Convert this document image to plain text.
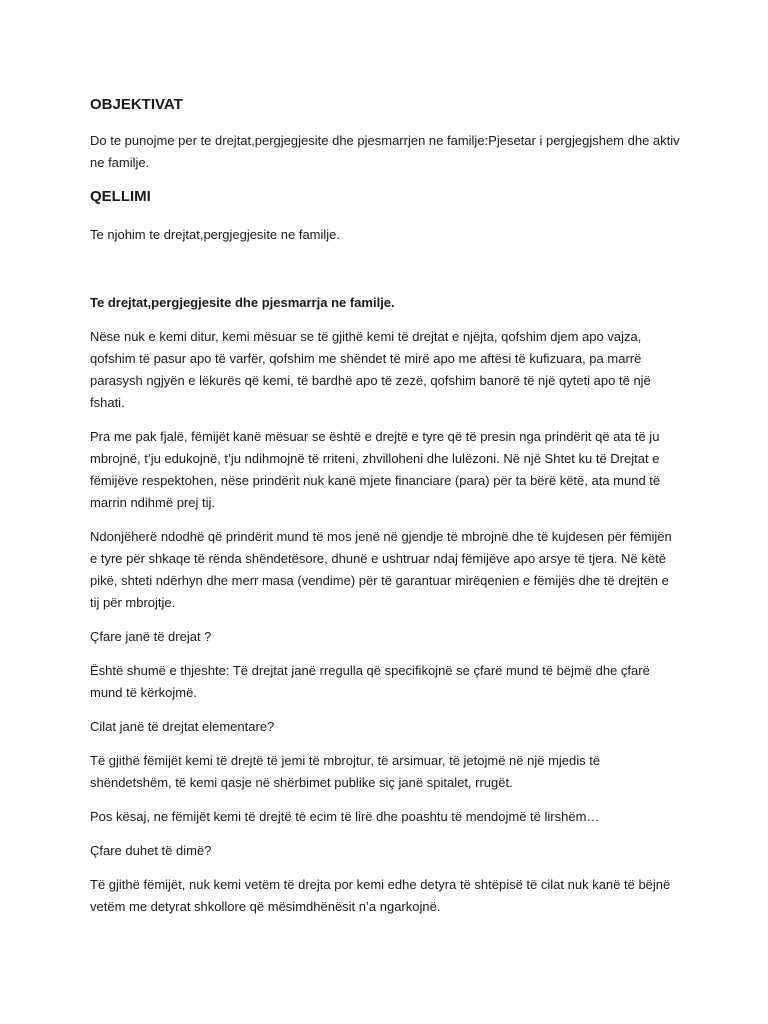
OBJEKTIVAT

Do te punojme per te drejtat,pergjegjesite dhe pjesmarrjen ne familje:Pjesetar i pergjegjshem dhe aktiv ne familje.

QELLIMI

Te njohim te drejtat,pergjegjesite ne familje.

Te drejtat,pergjegjesite dhe pjesmarrja ne familje.

Nëse nuk e kemi ditur, kemi mësuar se të gjithë kemi të drejtat e njëjta, qofshim djem apo vajza, qofshim të pasur apo të varfër, qofshim me shëndet të mirë apo me aftësi të kufizuara, pa marrë parasysh ngjyën e lëkurës që kemi, të bardhë apo të zezë, qofshim banorë të një qyteti apo të një fshati.

Pra me pak fjalë, fëmijët kanë mësuar se është e drejtë e tyre që të presin nga prindërit që ata të ju mbrojnë, t’ju edukojnë, t’ju ndihmojnë të rriteni, zhvilloheni dhe lulëzoni. Në një Shtet ku të Drejtat e fëmijëve respektohen, nëse prindërit nuk kanë mjete financiare (para) për ta bërë këtë, ata mund të marrin ndihmë prej tij.

Ndonjëherë ndodhë që prindërit mund të mos jenë në gjendje të mbrojnë dhe të kujdesen për fëmijën e tyre për shkaqe të rënda shëndetësore, dhunë e ushtruar ndaj fëmijëve apo arsye të tjera. Në këtë pikë, shteti ndërhyn dhe merr masa (vendime) për të garantuar mirëqenien e fëmijës dhe të drejtën e tij për mbrojtje.

Çfare janë të drejat ?

Është shumë e thjeshte: Të drejtat janë rregulla që specifikojnë se çfarë mund të bëjmë dhe çfarë mund të kërkojmë.

Cilat janë të drejtat elementare?

Të gjithë fëmijët kemi të drejtë të jemi të mbrojtur, të arsimuar, të jetojmë në një mjedis të shëndetshëm, të kemi qasje në shërbimet publike siç janë spitalet, rrugët.

Pos kësaj, ne fëmijët kemi të drejtë të ecim të lirë dhe poashtu të mendojmë të lirshëm…

Çfare duhet të dimë?

Të gjithë fëmijët, nuk kemi vetëm të drejta por kemi edhe detyra të shtëpisë të cilat nuk kanë të bëjnë vetëm me detyrat shkollore që mësimdhënësit n’a ngarkojnë.
